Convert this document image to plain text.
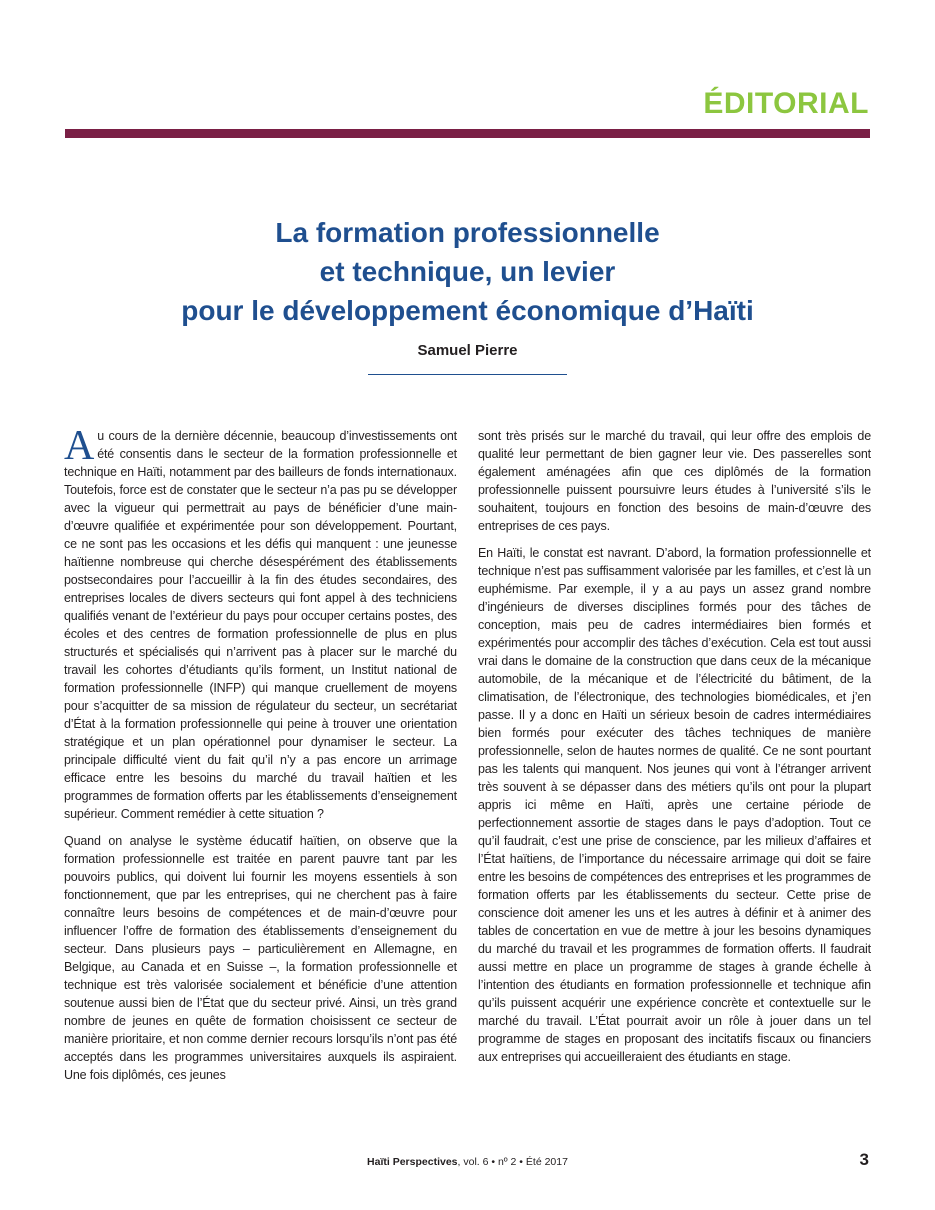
ÉDITORIAL
La formation professionnelle
et technique, un levier
pour le développement économique d’Haïti

Samuel Pierre

Au cours de la dernière décennie, beaucoup d’investissements ont été consentis dans le secteur de la formation professionnelle et technique en Haïti, notamment par des bailleurs de fonds internationaux. Toutefois, force est de constater que le secteur n’a pas pu se développer avec la vigueur qui permettrait au pays de bénéficier d’une main-d’œuvre qualifiée et expérimentée pour son développement. Pourtant, ce ne sont pas les occasions et les défis qui manquent : une jeunesse haïtienne nombreuse qui cherche désespérément des établissements postsecondaires pour l’accueillir à la fin des études secondaires, des entreprises locales de divers secteurs qui font appel à des techniciens qualifiés venant de l’extérieur du pays pour occuper certains postes, des écoles et des centres de formation professionnelle de plus en plus structurés et spécialisés qui n’arrivent pas à placer sur le marché du travail les cohortes d’étudiants qu’ils forment, un Institut national de formation professionnelle (INFP) qui manque cruellement de moyens pour s’acquitter de sa mission de régulateur du secteur, un secrétariat d’État à la formation professionnelle qui peine à trouver une orientation stratégique et un plan opérationnel pour dynamiser le secteur. La principale difficulté vient du fait qu’il n’y a pas encore un arrimage efficace entre les besoins du marché du travail haïtien et les programmes de formation offerts par les établissements d’enseignement supérieur. Comment remédier à cette situation ?

Quand on analyse le système éducatif haïtien, on observe que la formation professionnelle est traitée en parent pauvre tant par les pouvoirs publics, qui doivent lui fournir les moyens essentiels à son fonctionnement, que par les entreprises, qui ne cherchent pas à faire connaître leurs besoins de compétences et de main-d’œuvre pour influencer l’offre de formation des établissements d’enseignement du secteur. Dans plusieurs pays – particulièrement en Allemagne, en Belgique, au Canada et en Suisse –, la formation professionnelle et technique est très valorisée socialement et bénéficie d’une attention soutenue aussi bien de l’État que du secteur privé. Ainsi, un très grand nombre de jeunes en quête de formation choisissent ce secteur de manière prioritaire, et non comme dernier recours lorsqu’ils n’ont pas été acceptés dans les programmes universitaires auxquels ils aspiraient. Une fois diplômés, ces jeunes

sont très prisés sur le marché du travail, qui leur offre des emplois de qualité leur permettant de bien gagner leur vie. Des passerelles sont également aménagées afin que ces diplômés de la formation professionnelle puissent poursuivre leurs études à l’université s’ils le souhaitent, toujours en fonction des besoins de main-d’œuvre des entreprises de ces pays.

En Haïti, le constat est navrant. D’abord, la formation professionnelle et technique n’est pas suffisamment valorisée par les familles, et c’est là un euphémisme. Par exemple, il y a au pays un assez grand nombre d’ingénieurs de diverses disciplines formés pour des tâches de conception, mais peu de cadres intermédiaires bien formés et expérimentés pour accomplir des tâches d’exécution. Cela est tout aussi vrai dans le domaine de la construction que dans ceux de la mécanique automobile, de la mécanique et de l’électricité du bâtiment, de la climatisation, de l’électronique, des technologies biomédicales, et j’en passe. Il y a donc en Haïti un sérieux besoin de cadres intermédiaires bien formés pour exécuter des tâches techniques de manière professionnelle, selon de hautes normes de qualité. Ce ne sont pourtant pas les talents qui manquent. Nos jeunes qui vont à l’étranger arrivent très souvent à se dépasser dans des métiers qu’ils ont pour la plupart appris ici même en Haïti, après une certaine période de perfectionnement assortie de stages dans le pays d’adoption. Tout ce qu’il faudrait, c’est une prise de conscience, par les milieux d’affaires et l’État haïtiens, de l’importance du nécessaire arrimage qui doit se faire entre les besoins de compétences des entreprises et les programmes de formation offerts par les établissements du secteur. Cette prise de conscience doit amener les uns et les autres à définir et à animer des tables de concertation en vue de mettre à jour les besoins dynamiques du marché du travail et les programmes de formation offerts. Il faudrait aussi mettre en place un programme de stages à grande échelle à l’intention des étudiants en formation professionnelle et technique afin qu’ils puissent acquérir une expérience concrète et contextuelle sur le marché du travail. L’État pourrait avoir un rôle à jouer dans un tel programme de stages en proposant des incitatifs fiscaux ou financiers aux entreprises qui accueilleraient des étudiants en stage.

Haïti Perspectives, vol. 6 • nº 2 • Été 2017	3
